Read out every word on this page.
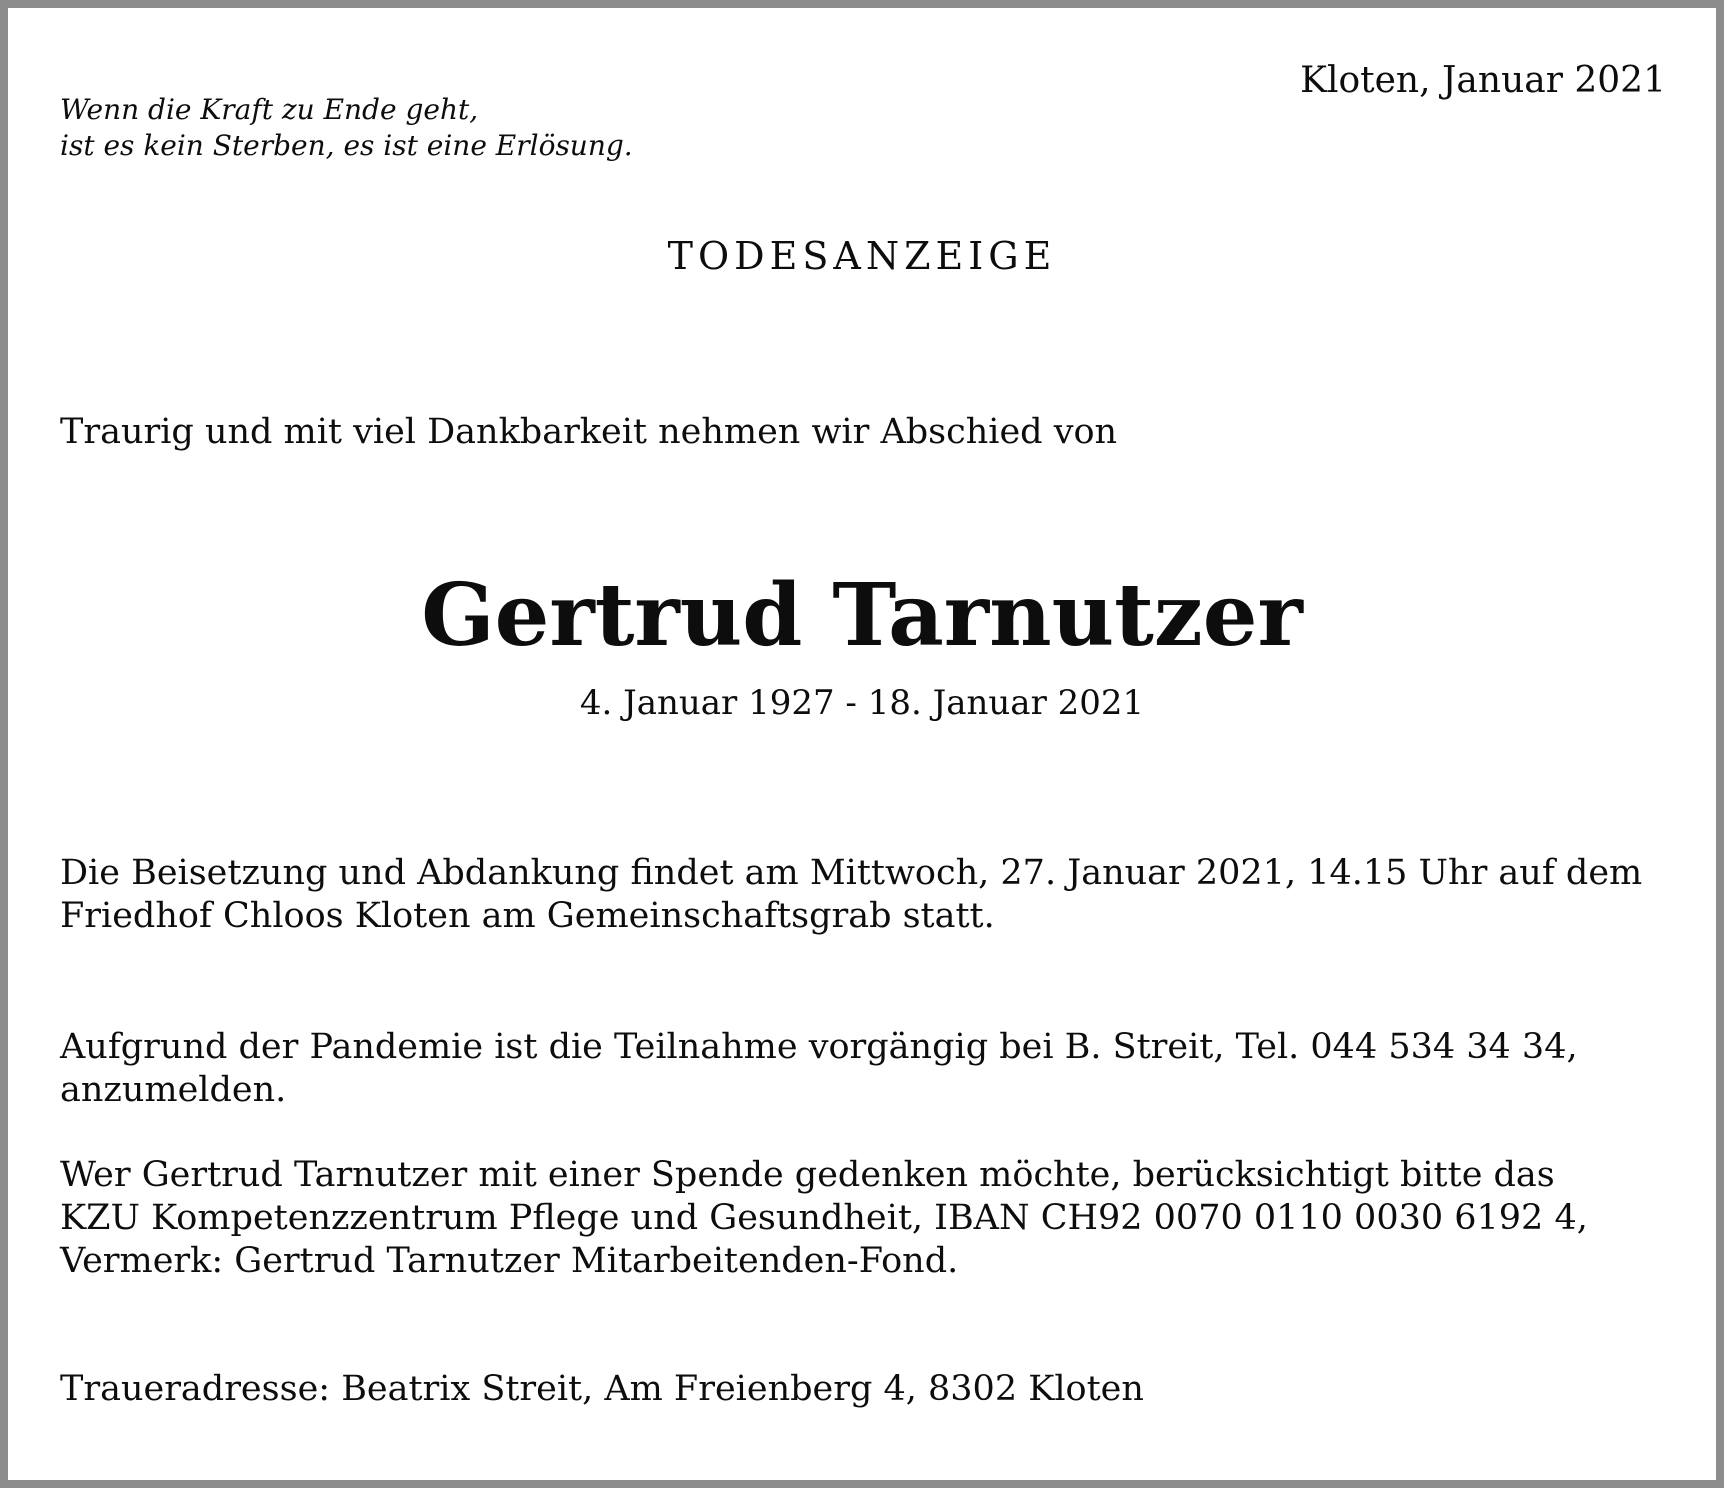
Kloten, Januar 2021
Wenn die Kraft zu Ende geht,
ist es kein Sterben, es ist eine Erlösung.
TODESANZEIGE
Traurig und mit viel Dankbarkeit nehmen wir Abschied von
Gertrud Tarnutzer
4. Januar 1927 - 18. Januar 2021
Die Beisetzung und Abdankung findet am Mittwoch, 27. Januar 2021, 14.15 Uhr auf dem
Friedhof Chloos Kloten am Gemeinschaftsgrab statt.
Aufgrund der Pandemie ist die Teilnahme vorgängig bei B. Streit, Tel. 044 534 34 34,
anzumelden.
Wer Gertrud Tarnutzer mit einer Spende gedenken möchte, berücksichtigt bitte das
KZU Kompetenzzentrum Pflege und Gesundheit, IBAN CH92 0070 0110 0030 6192 4,
Vermerk: Gertrud Tarnutzer Mitarbeitenden-Fond.
Traueradresse: Beatrix Streit, Am Freienberg 4, 8302 Kloten
